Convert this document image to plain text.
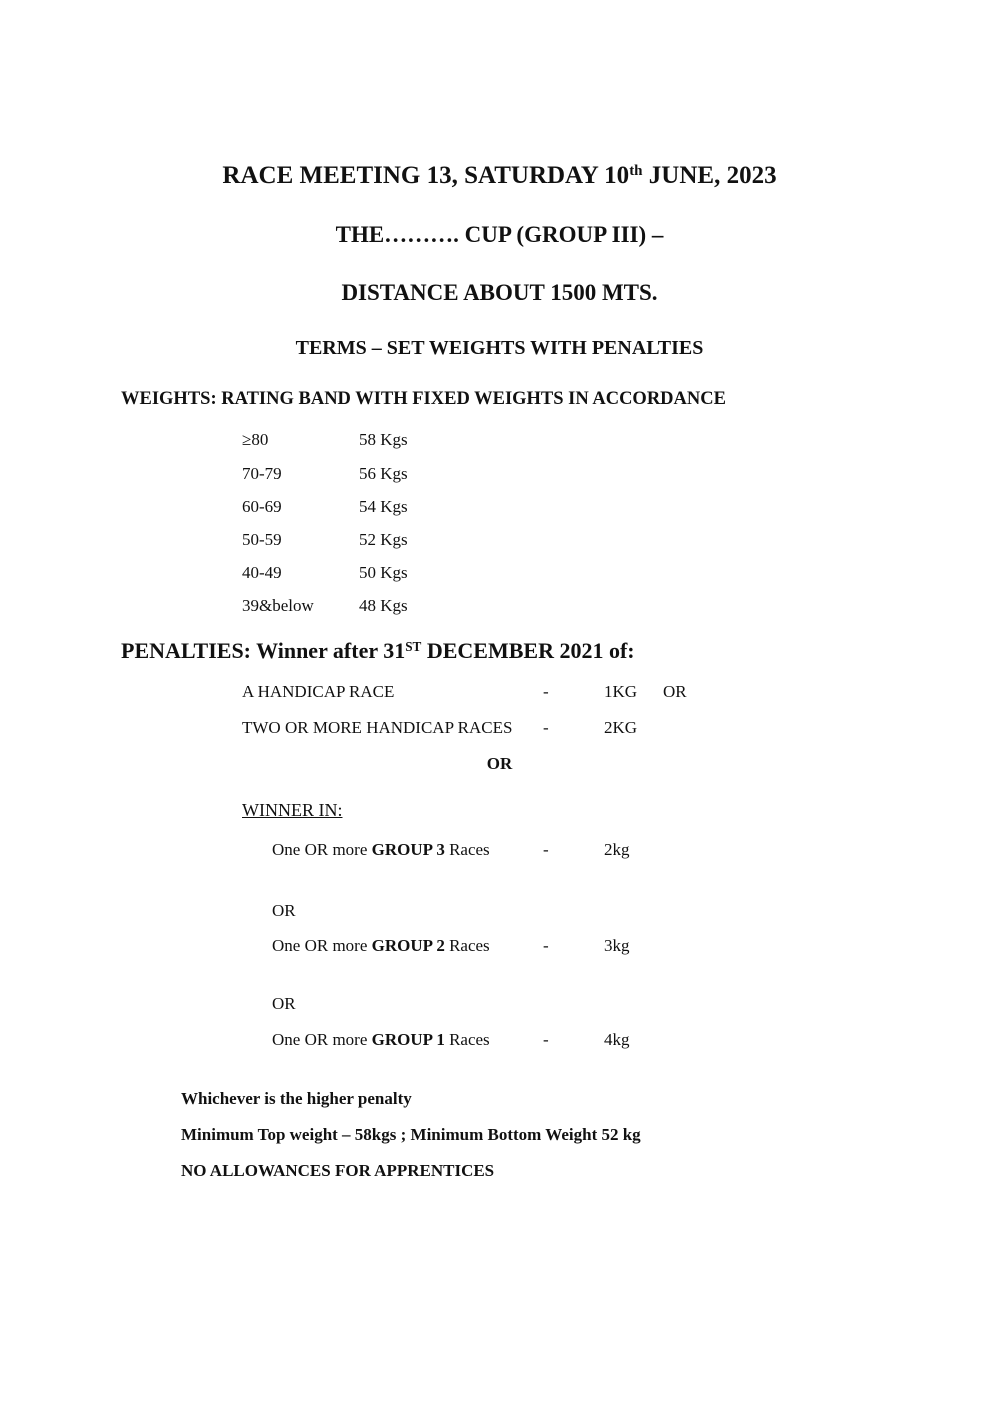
RACE MEETING 13, SATURDAY 10th JUNE, 2023
THE………. CUP (GROUP III) –
DISTANCE ABOUT 1500 MTS.
TERMS – SET WEIGHTS WITH PENALTIES
WEIGHTS: RATING BAND WITH FIXED WEIGHTS IN ACCORDANCE
≥80	58 Kgs
70-79	56 Kgs
60-69	54 Kgs
50-59	52 Kgs
40-49	50 Kgs
39&below	48 Kgs
PENALTIES: Winner after 31ST DECEMBER 2021 of:
A HANDICAP RACE	-	1KG OR
TWO OR MORE HANDICAP RACES -	2KG
OR
WINNER IN:
One OR more GROUP 3 Races	-	2kg
OR
One OR more GROUP 2 Races	-	3kg
OR
One OR more GROUP 1 Races	-	4kg
Whichever is the higher penalty
Minimum Top weight – 58kgs ; Minimum Bottom Weight 52 kg
NO ALLOWANCES FOR APPRENTICES
